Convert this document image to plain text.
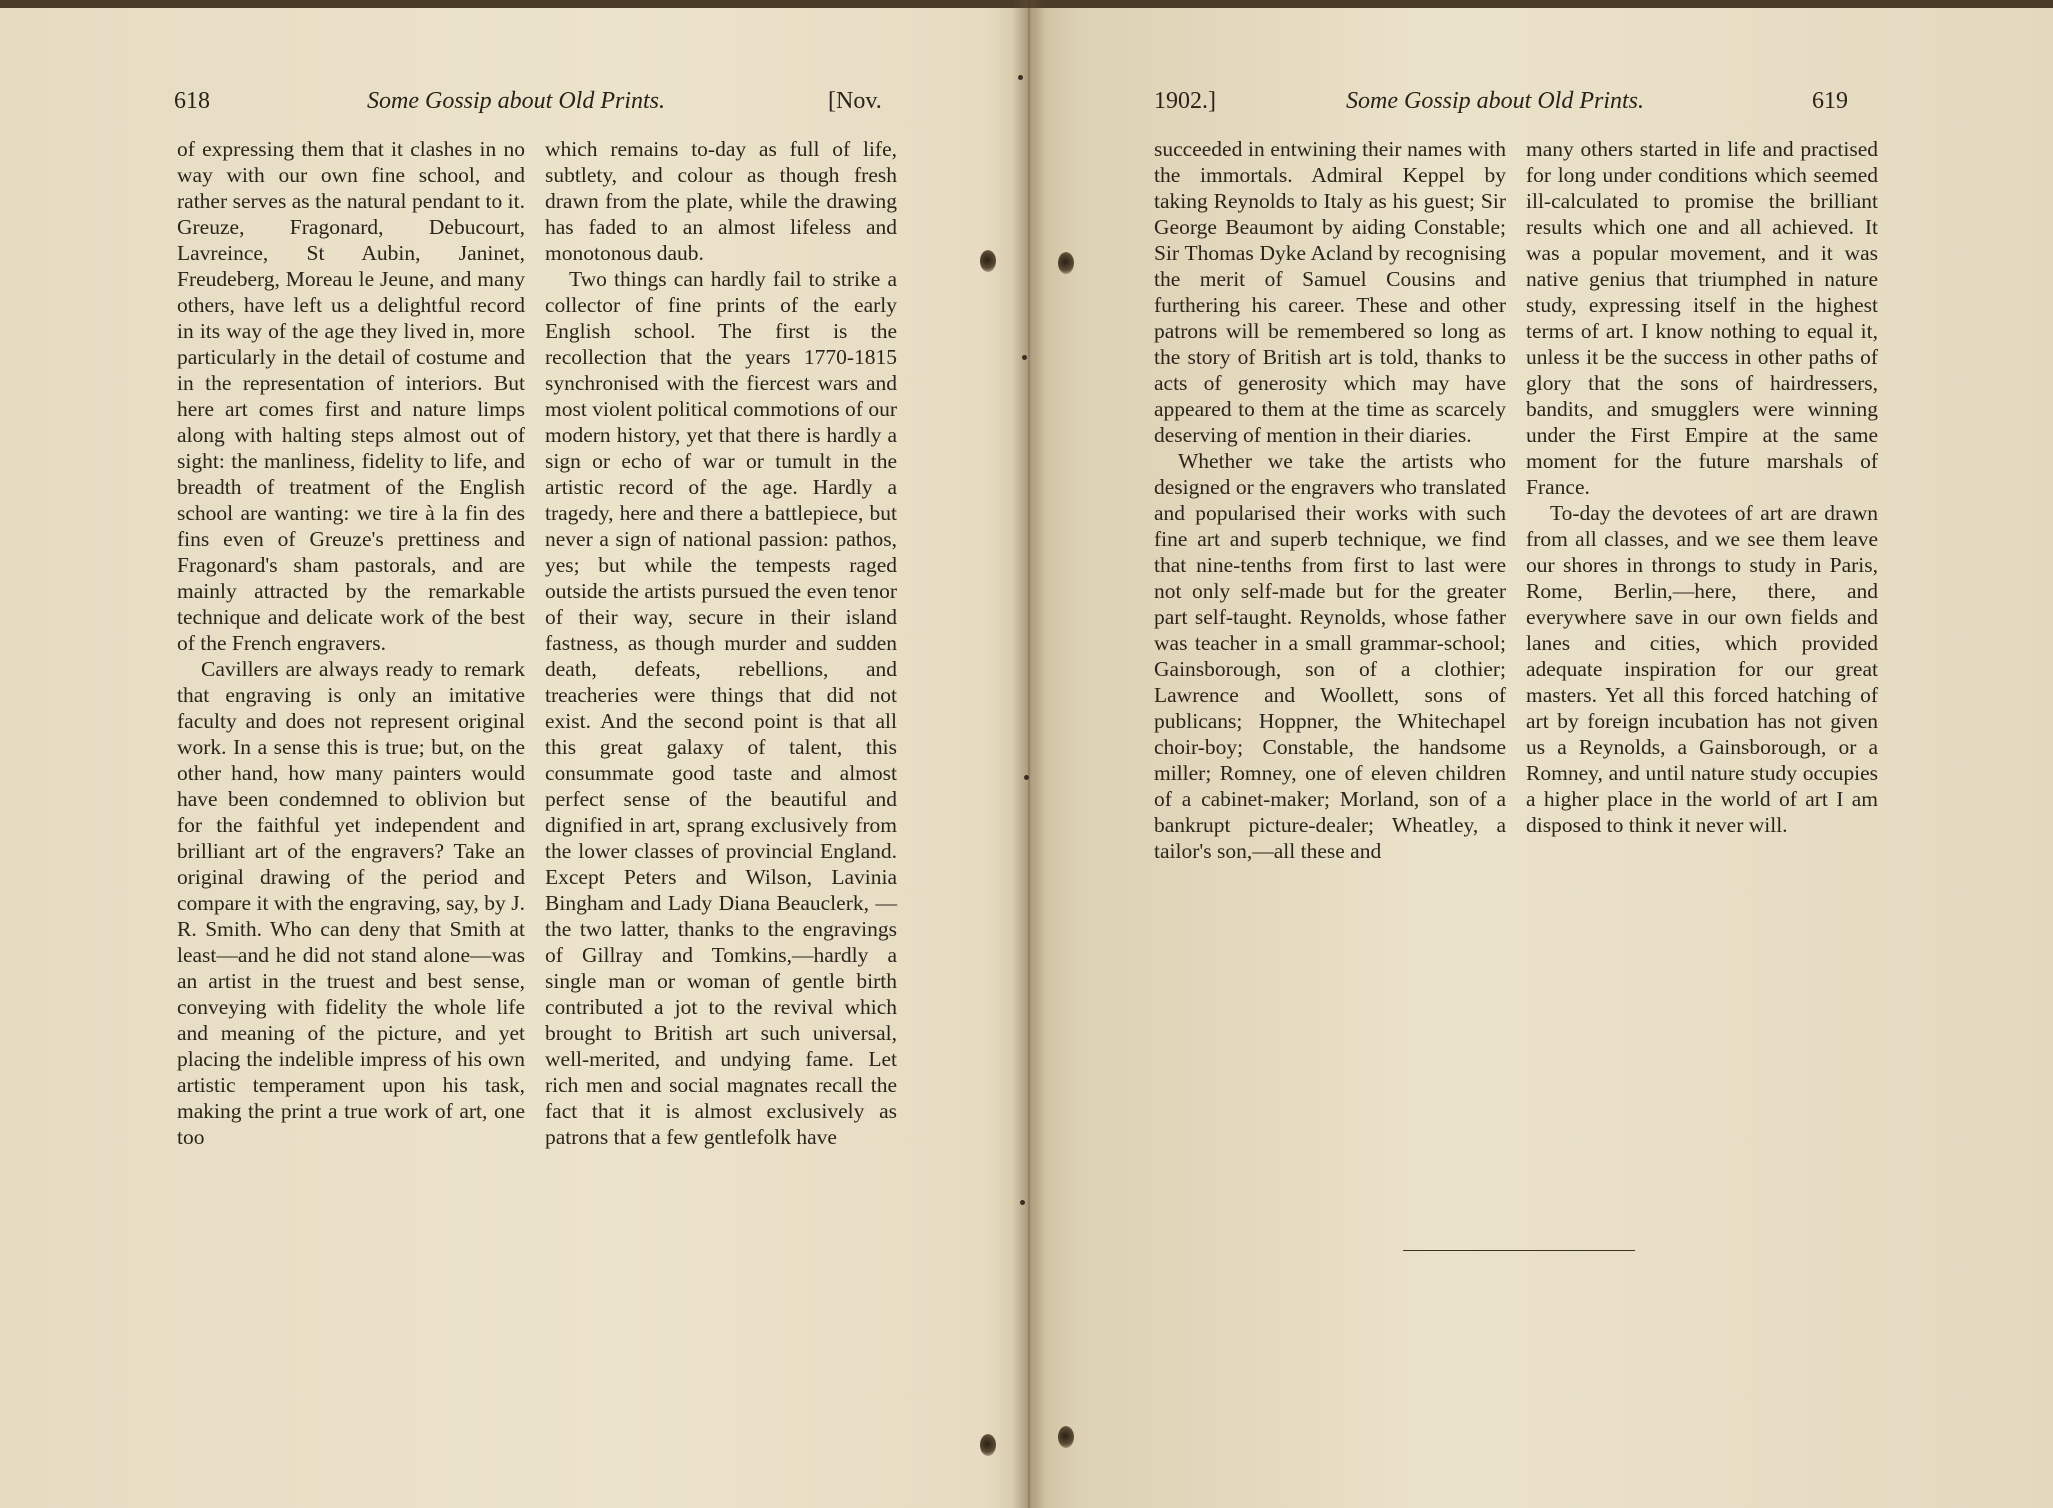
618	Some Gossip about Old Prints.	[Nov.

of expressing them that it clashes in no way with our own fine school, and rather serves as the natural pendant to it. Greuze, Fragonard, Debucourt, Lavreince, St Aubin, Janinet, Freudeberg, Moreau le Jeune, and many others, have left us a delightful record in its way of the age they lived in, more particularly in the detail of costume and in the representation of interiors. But here art comes first and nature limps along with halting steps almost out of sight: the manliness, fidelity to life, and breadth of treatment of the English school are wanting: we tire à la fin des fins even of Greuze's prettiness and Fragonard's sham pastorals, and are mainly attracted by the remarkable technique and delicate work of the best of the French engravers.

Cavillers are always ready to remark that engraving is only an imitative faculty and does not represent original work. In a sense this is true; but, on the other hand, how many painters would have been condemned to oblivion but for the faithful yet independent and brilliant art of the engravers? Take an original drawing of the period and compare it with the engraving, say, by J. R. Smith. Who can deny that Smith at least—and he did not stand alone—was an artist in the truest and best sense, conveying with fidelity the whole life and meaning of the picture, and yet placing the indelible impress of his own artistic temperament upon his task, making the print a true work of art, one too

which remains to-day as full of life, subtlety, and colour as though fresh drawn from the plate, while the drawing has faded to an almost lifeless and monotonous daub.

Two things can hardly fail to strike a collector of fine prints of the early English school. The first is the recollection that the years 1770-1815 synchronised with the fiercest wars and most violent political commotions of our modern history, yet that there is hardly a sign or echo of war or tumult in the artistic record of the age. Hardly a tragedy, here and there a battlepiece, but never a sign of national passion: pathos, yes; but while the tempests raged outside the artists pursued the even tenor of their way, secure in their island fastness, as though murder and sudden death, defeats, rebellions, and treacheries were things that did not exist. And the second point is that all this great galaxy of talent, this consummate good taste and almost perfect sense of the beautiful and dignified in art, sprang exclusively from the lower classes of provincial England. Except Peters and Wilson, Lavinia Bingham and Lady Diana Beauclerk, — the two latter, thanks to the engravings of Gillray and Tomkins,—hardly a single man or woman of gentle birth contributed a jot to the revival which brought to British art such universal, well-merited, and undying fame. Let rich men and social magnates recall the fact that it is almost exclusively as patrons that a few gentlefolk have

1902.]	Some Gossip about Old Prints.	619

succeeded in entwining their names with the immortals. Admiral Keppel by taking Reynolds to Italy as his guest; Sir George Beaumont by aiding Constable; Sir Thomas Dyke Acland by recognising the merit of Samuel Cousins and furthering his career. These and other patrons will be remembered so long as the story of British art is told, thanks to acts of generosity which may have appeared to them at the time as scarcely deserving of mention in their diaries.

Whether we take the artists who designed or the engravers who translated and popularised their works with such fine art and superb technique, we find that nine-tenths from first to last were not only self-made but for the greater part self-taught. Reynolds, whose father was teacher in a small grammar-school; Gainsborough, son of a clothier; Lawrence and Woollett, sons of publicans; Hoppner, the Whitechapel choir-boy; Constable, the handsome miller; Romney, one of eleven children of a cabinet-maker; Morland, son of a bankrupt picture-dealer; Wheatley, a tailor's son,—all these and

many others started in life and practised for long under conditions which seemed ill-calculated to promise the brilliant results which one and all achieved. It was a popular movement, and it was native genius that triumphed in nature study, expressing itself in the highest terms of art. I know nothing to equal it, unless it be the success in other paths of glory that the sons of hairdressers, bandits, and smugglers were winning under the First Empire at the same moment for the future marshals of France.

To-day the devotees of art are drawn from all classes, and we see them leave our shores in throngs to study in Paris, Rome, Berlin,—here, there, and everywhere save in our own fields and lanes and cities, which provided adequate inspiration for our great masters. Yet all this forced hatching of art by foreign incubation has not given us a Reynolds, a Gainsborough, or a Romney, and until nature study occupies a higher place in the world of art I am disposed to think it never will.
